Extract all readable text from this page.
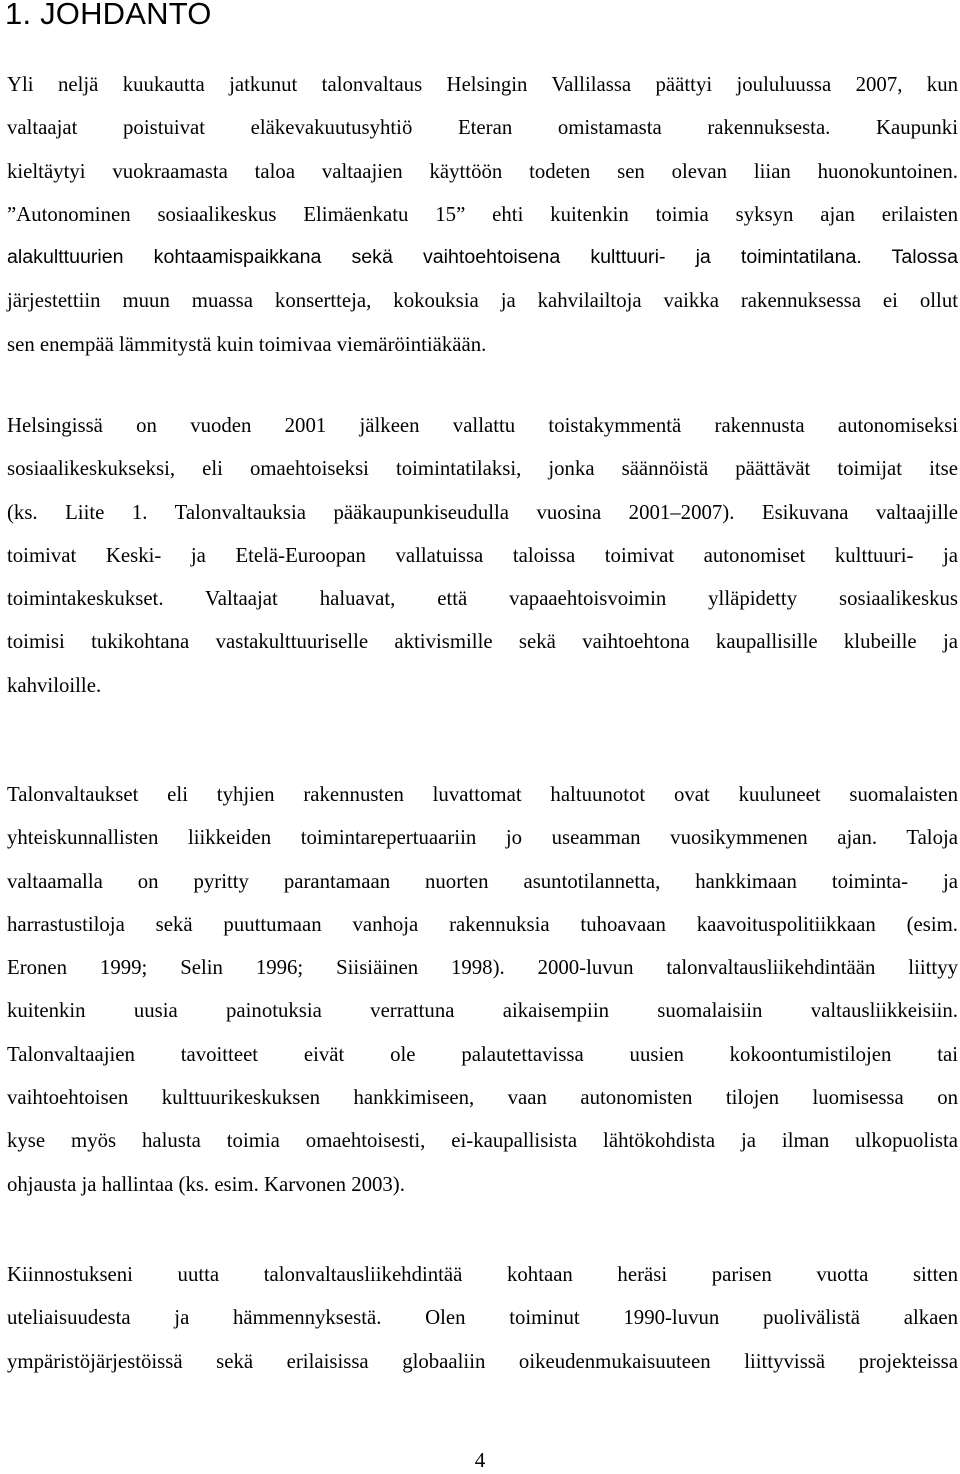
1. JOHDANTO
Yli neljä kuukautta jatkunut talonvaltaus Helsingin Vallilassa päättyi joululuussa 2007, kun
valtaajat poistuivat eläkevakuutusyhtiö Eteran omistamasta rakennuksesta. Kaupunki
kieltäytyi vuokraamasta taloa valtaajien käyttöön todeten sen olevan liian huonokuntoinen.
”Autonominen sosiaalikeskus Elimäenkatu 15” ehti kuitenkin toimia syksyn ajan erilaisten
alakulttuurien kohtaamispaikkana sekä vaihtoehtoisena kulttuuri- ja toimintatilana. Talossa
järjestettiin muun muassa konsertteja, kokouksia ja kahvilailtoja vaikka rakennuksessa ei ollut
sen enempää lämmitystä kuin toimivaa viemäröintiäkään.
Helsingissä on vuoden 2001 jälkeen vallattu toistakymmentä rakennusta autonomiseksi
sosiaalikeskukseksi, eli omaehtoiseksi toimintatilaksi, jonka säännöistä päättävät toimijat itse
(ks. Liite 1. Talonvaltauksia pääkaupunkiseudulla vuosina 2001–2007). Esikuvana valtaajille
toimivat Keski- ja Etelä-Euroopan vallatuissa taloissa toimivat autonomiset kulttuuri- ja
toimintakeskukset. Valtaajat haluavat, että vapaaehtoisvoimin ylläpidetty sosiaalikeskus
toimisi tukikohtana vastakulttuuriselle aktivismille sekä vaihtoehtona kaupallisille klubeille ja
kahviloille.
Talonvaltaukset eli tyhjien rakennusten luvattomat haltuunotot ovat kuuluneet suomalaisten
yhteiskunnallisten liikkeiden toimintarepertuaariin jo useamman vuosikymmenen ajan. Taloja
valtaamalla on pyritty parantamaan nuorten asuntotilannetta, hankkimaan toiminta- ja
harrastustiloja sekä puuttumaan vanhoja rakennuksia tuhoavaan kaavoituspolitiikkaan (esim.
Eronen 1999; Selin 1996; Siisiäinen 1998). 2000-luvun talonvaltausliikehdintään liittyy
kuitenkin uusia painotuksia verrattuna aikaisempiin suomalaisiin valtausliikkeisiin.
Talonvaltaajien tavoitteet eivät ole palautettavissa uusien kokoontumistilojen tai
vaihtoehtoisen kulttuurikeskuksen hankkimiseen, vaan autonomisten tilojen luomisessa on
kyse myös halusta toimia omaehtoisesti, ei-kaupallisista lähtökohdista ja ilman ulkopuolista
ohjausta ja hallintaa (ks. esim. Karvonen 2003).
Kiinnostukseni uutta talonvaltausliikehdintää kohtaan heräsi parisen vuotta sitten
uteliaisuudesta ja hämmennyksestä. Olen toiminut 1990-luvun puolivälistä alkaen
ympäristöjärjestöissä sekä erilaisissa globaaliin oikeudenmukaisuuteen liittyvissä projekteissa
4
